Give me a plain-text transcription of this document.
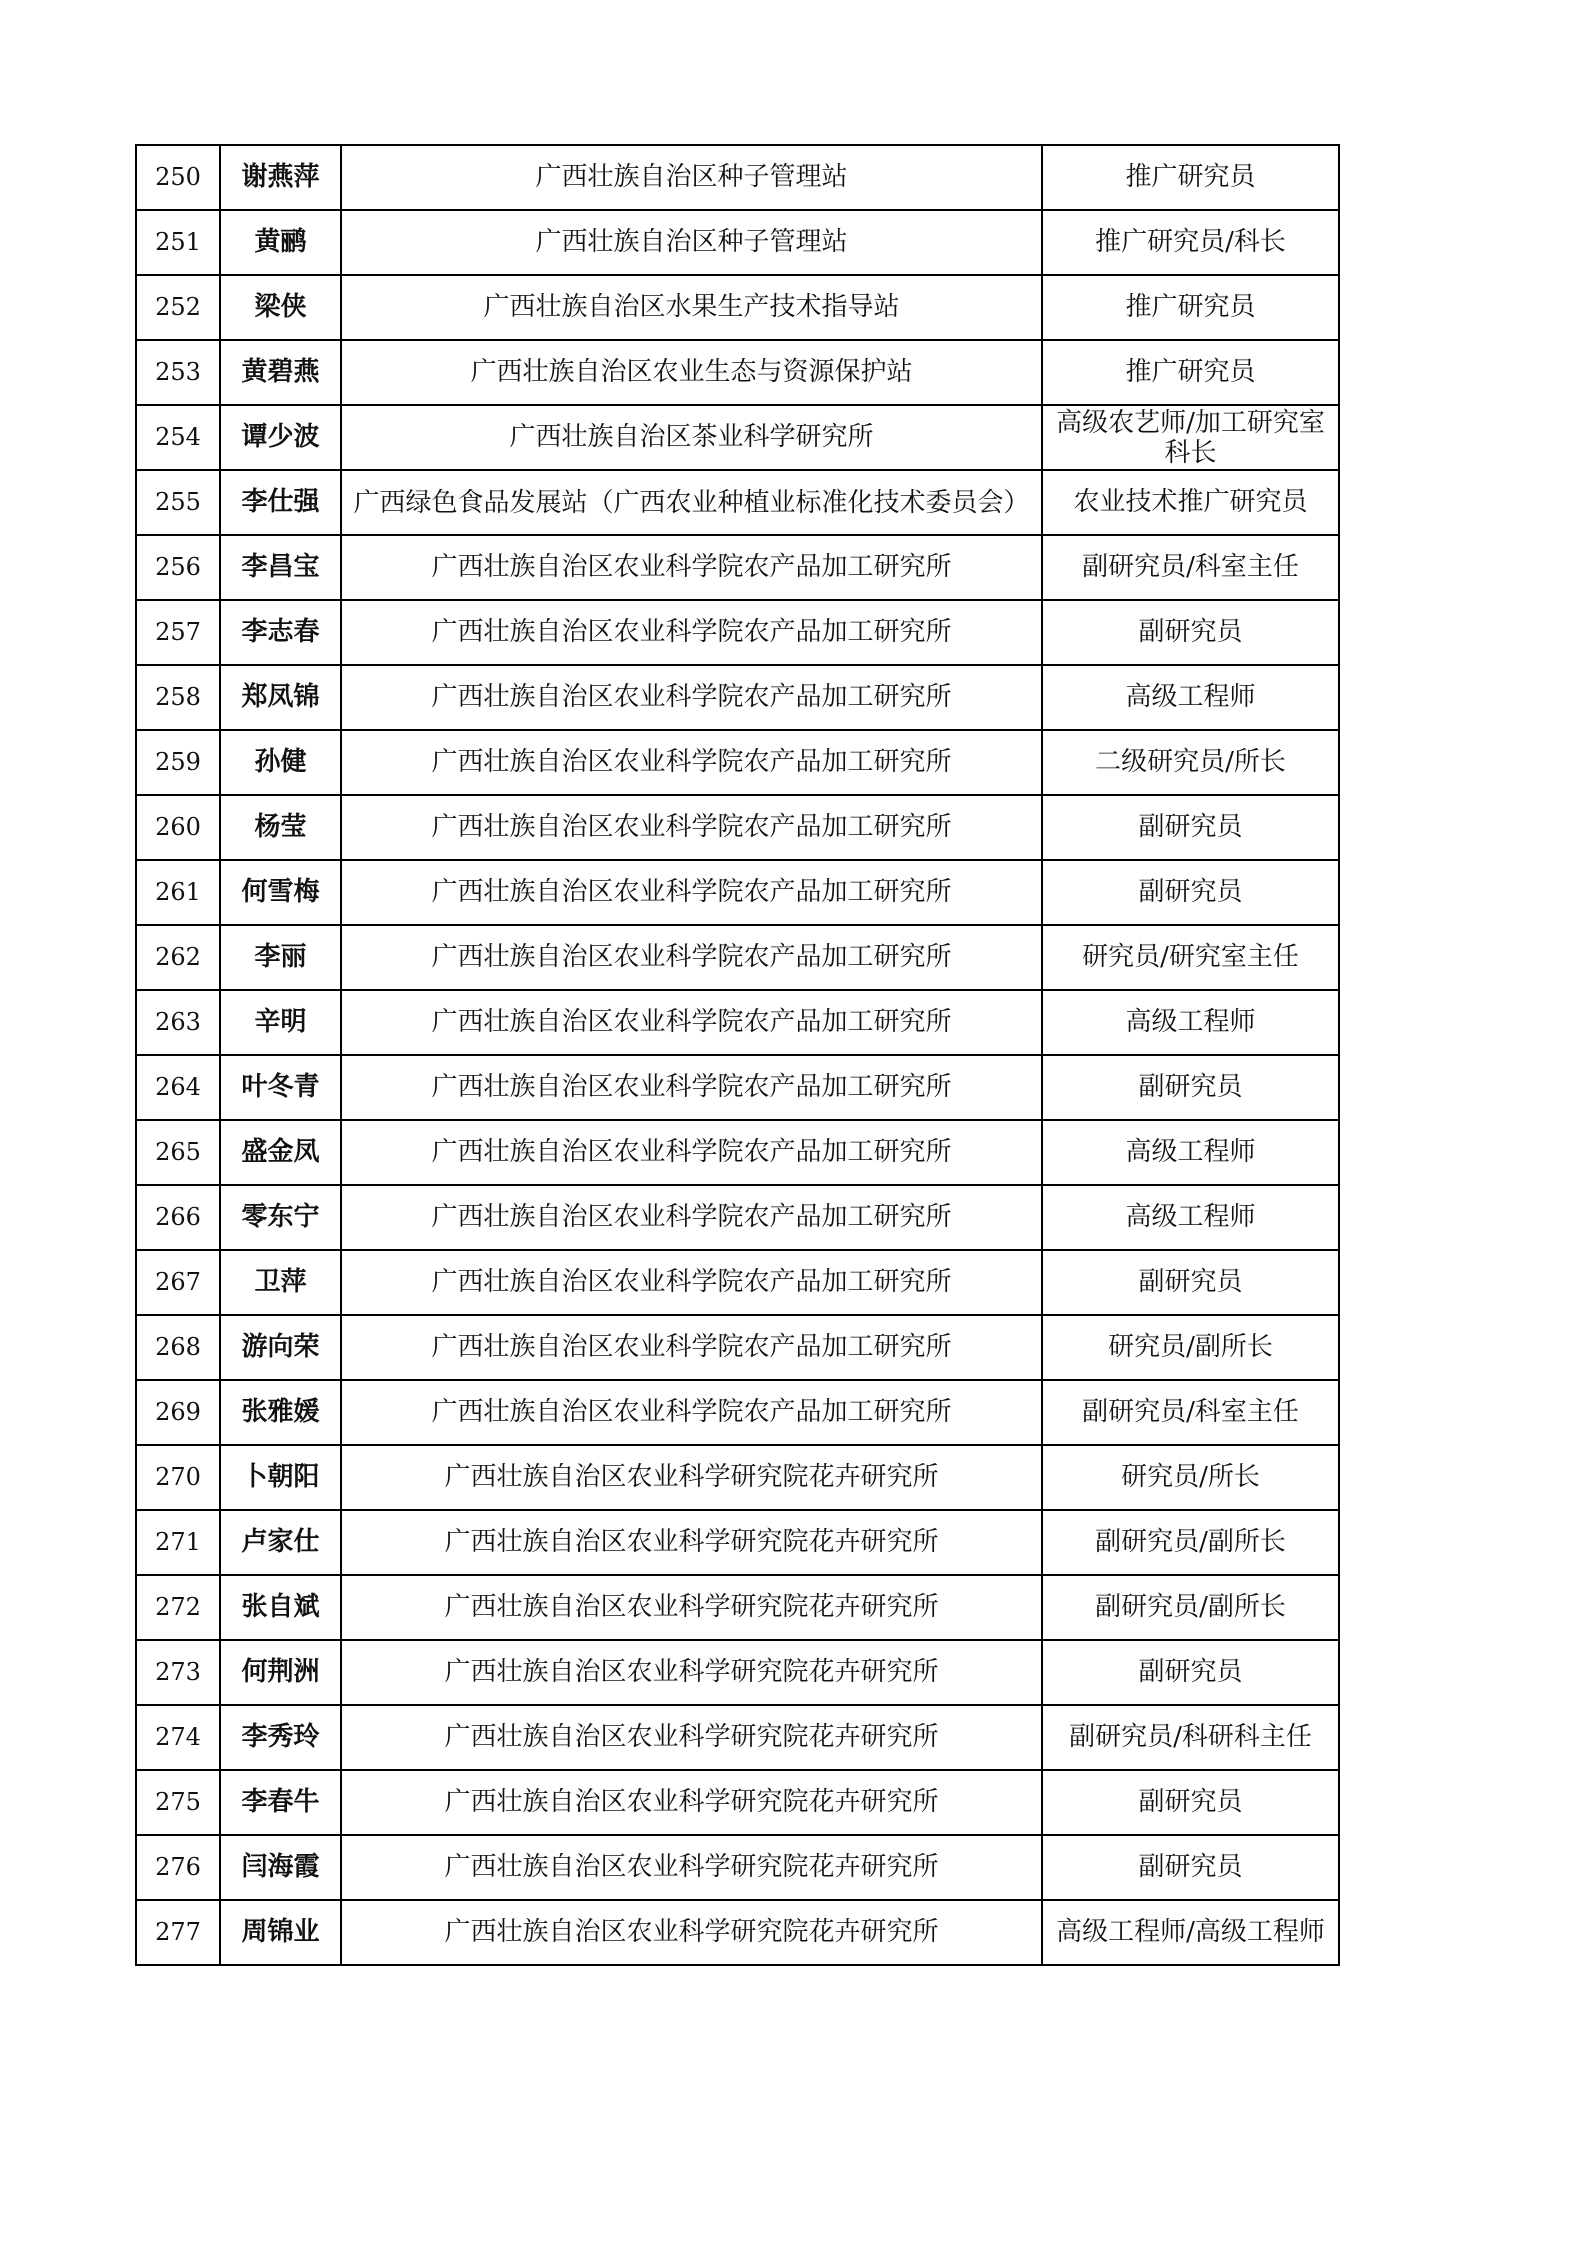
250	谢燕萍	广西壮族自治区种子管理站	推广研究员
251	黄鹂	广西壮族自治区种子管理站	推广研究员/科长
252	梁侠	广西壮族自治区水果生产技术指导站	推广研究员
253	黄碧燕	广西壮族自治区农业生态与资源保护站	推广研究员
254	谭少波	广西壮族自治区茶业科学研究所	高级农艺师/加工研究室科长
255	李仕强	广西绿色食品发展站（广西农业种植业标准化技术委员会）	农业技术推广研究员
256	李昌宝	广西壮族自治区农业科学院农产品加工研究所	副研究员/科室主任
257	李志春	广西壮族自治区农业科学院农产品加工研究所	副研究员
258	郑凤锦	广西壮族自治区农业科学院农产品加工研究所	高级工程师
259	孙健	广西壮族自治区农业科学院农产品加工研究所	二级研究员/所长
260	杨莹	广西壮族自治区农业科学院农产品加工研究所	副研究员
261	何雪梅	广西壮族自治区农业科学院农产品加工研究所	副研究员
262	李丽	广西壮族自治区农业科学院农产品加工研究所	研究员/研究室主任
263	辛明	广西壮族自治区农业科学院农产品加工研究所	高级工程师
264	叶冬青	广西壮族自治区农业科学院农产品加工研究所	副研究员
265	盛金凤	广西壮族自治区农业科学院农产品加工研究所	高级工程师
266	零东宁	广西壮族自治区农业科学院农产品加工研究所	高级工程师
267	卫萍	广西壮族自治区农业科学院农产品加工研究所	副研究员
268	游向荣	广西壮族自治区农业科学院农产品加工研究所	研究员/副所长
269	张雅媛	广西壮族自治区农业科学院农产品加工研究所	副研究员/科室主任
270	卜朝阳	广西壮族自治区农业科学研究院花卉研究所	研究员/所长
271	卢家仕	广西壮族自治区农业科学研究院花卉研究所	副研究员/副所长
272	张自斌	广西壮族自治区农业科学研究院花卉研究所	副研究员/副所长
273	何荆洲	广西壮族自治区农业科学研究院花卉研究所	副研究员
274	李秀玲	广西壮族自治区农业科学研究院花卉研究所	副研究员/科研科主任
275	李春牛	广西壮族自治区农业科学研究院花卉研究所	副研究员
276	闫海霞	广西壮族自治区农业科学研究院花卉研究所	副研究员
277	周锦业	广西壮族自治区农业科学研究院花卉研究所	高级工程师/高级工程师
